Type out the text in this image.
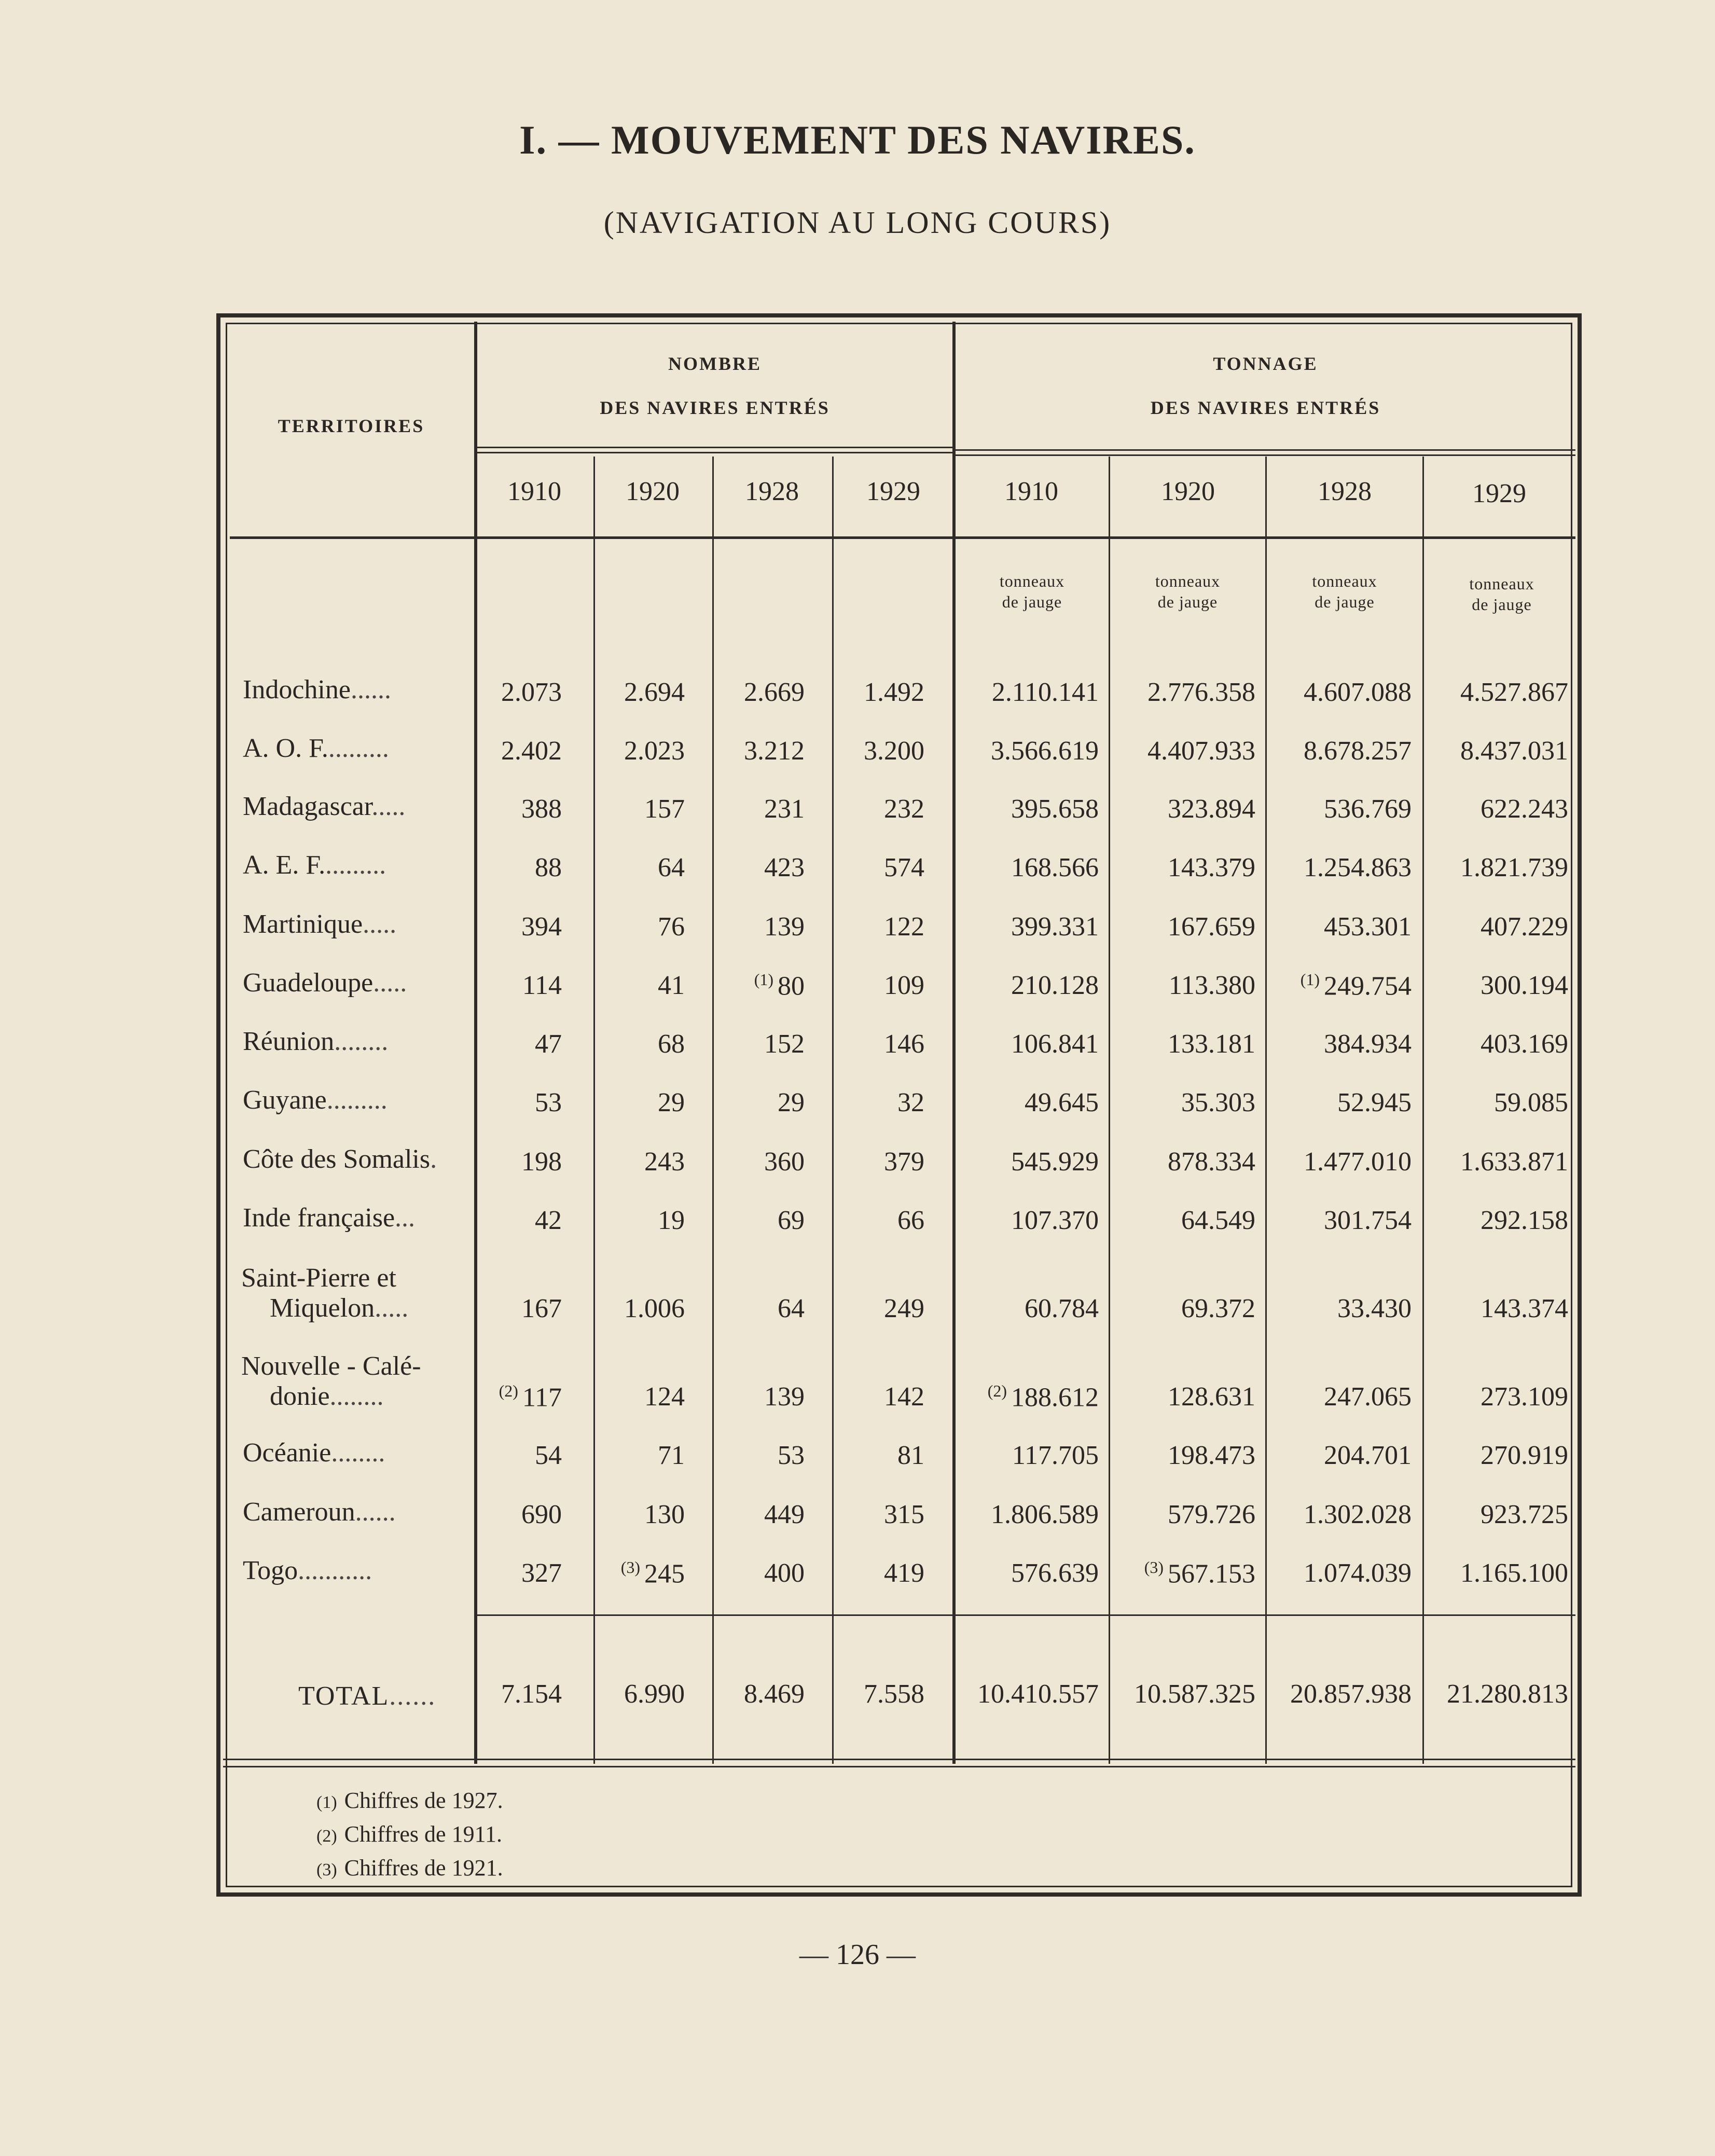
I. — MOUVEMENT DES NAVIRES.
(NAVIGATION AU LONG COURS)
TERRITOIRES
NOMBRE
DES NAVIRES ENTRÉS
TONNAGE
DES NAVIRES ENTRÉS
1910	1920	1928	1929	1910	1920	1928	1929
tonneaux
de jauge
tonneaux
de jauge
tonneaux
de jauge
tonneaux
de jauge
Indochine......	2.073 2.694 2.669 1.492 2.110.141 2.776.358 4.607.088 4.527.867
A. O. F..........	2.402 2.023 3.212 3.200 3.566.619 4.407.933 8.678.257 8.437.031
Madagascar.....	388	157	231	232	395.658	323.894	536.769	622.243
A. E. F..........	88	64	423	574	168.566	143.379 1.254.863 1.821.739
Martinique.....	394	76	139	122	399.331	167.659	453.301	407.229
Guadeloupe.....	114	41	$^{(1)}$ 80	109	210.128	113.380	$^{(1)}$ 249.754	300.194
Réunion........	47	68	152	146	106.841	133.181	384.934	403.169
Guyane.........	53	29	29	32	49.645	35.303	52.945	59.085
Côte des Somalis.	198	243	360	379	545.929	878.334 1.477.010 1.633.871
Inde française...	42	19	69	66	107.370	64.549	301.754	292.158
Saint-Pierre et
Miquelon.....	167 1.006	64	249	60.784	69.372	33.430	143.374
Nouvelle - Calé-
donie........	$^{(2)}$ 117	124	139	142	$^{(2)}$ 188.612	128.631	247.065	273.109
Océanie........	54	71	53	81	117.705	198.473	204.701	270.919
Cameroun......	690	130	449	315 1.806.589	579.726 1.302.028	923.725
Togo...........	327	$^{(3)}$ 245	400	419	576.639	$^{(3)}$ 567.153 1.074.039 1.165.100
TOTAL...... 7.154 6.990 8.469 7.558 10.410.557 10.587.325 20.857.938 21.280.813
(1) Chiffres de 1927.
(2) Chiffres de 1911.
(3) Chiffres de 1921.
— 126 —
